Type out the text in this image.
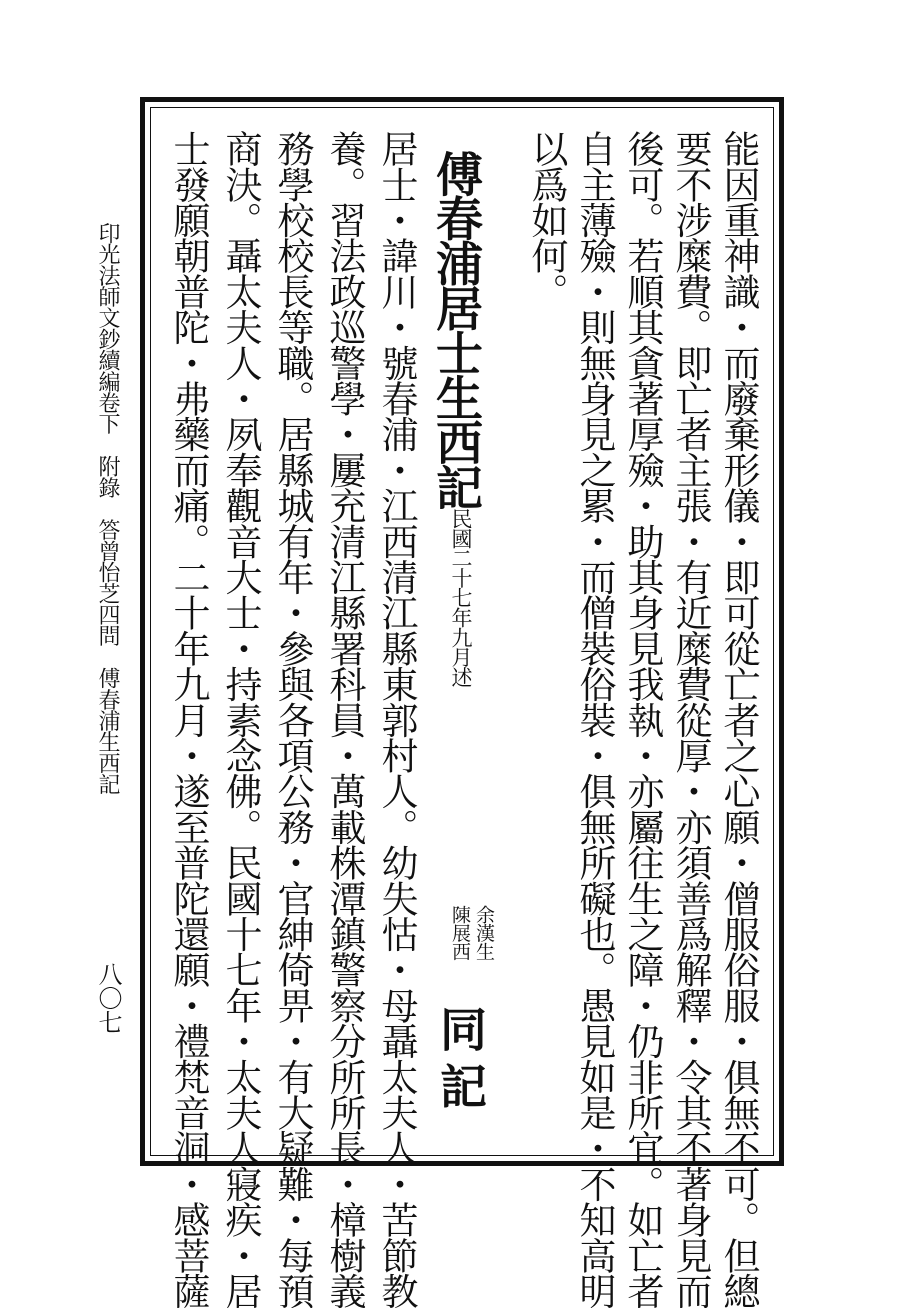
能因重神識・而廢棄形儀・即可從亡者之心願・僧服俗服・俱無不可。但總
要不涉糜費。即亡者主張・有近糜費從厚・亦須善爲解釋・令其不著身見而
後可。若順其貪著厚殮・助其身見我執・亦屬往生之障・仍非所宜。如亡者
自主薄殮・則無身見之累・而僧裝俗裝・俱無所礙也。愚見如是・不知高明
以爲如何。
傅春浦居士生西記
民國二十七年九月述
余漢生
陳展西
同記
居士・諱川・號春浦・江西清江縣東郭村人。幼失怙・母聶太夫人・苦節教
養。習法政巡警學・屢充清江縣署科員・萬載株潭鎮警察分所所長・樟樹義
務學校校長等職。居縣城有年・參與各項公務・官紳倚畀・有大疑難・每預
商決。聶太夫人・夙奉觀音大士・持素念佛。民國十七年・太夫人寢疾・居
士發願朝普陀・弗藥而痛。二十年九月・遂至普陀還願・禮梵音洞・感菩薩
印光法師文鈔續編卷下　附錄　答曾怡芝四問　傅春浦生西記
八〇七
